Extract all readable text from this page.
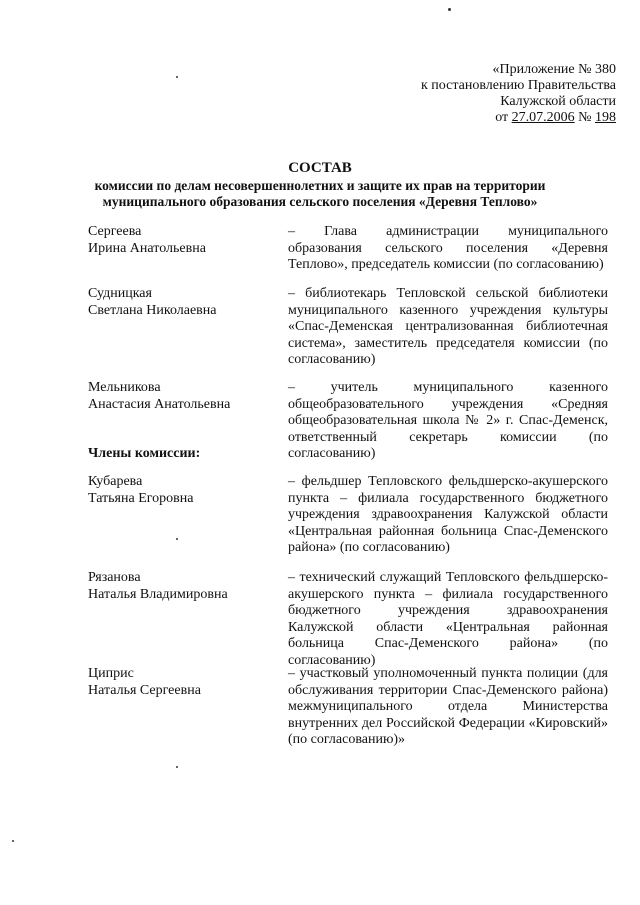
«Приложение № 380
к постановлению Правительства
Калужской области
от 27.07.2006 № 198
СОСТАВ
комиссии по делам несовершеннолетних и защите их прав на территории муниципального образования сельского поселения «Деревня Теплово»
Сергеева
Ирина Анатольевна
– Глава администрации муниципального образования сельского поселения «Деревня Теплово», председатель комиссии (по согласованию)
Судницкая
Светлана Николаевна
– библиотекарь Тепловской сельской библиотеки муниципального казенного учреждения культуры «Спас-Деменская централизованная библиотечная система», заместитель председателя комиссии (по согласованию)
Мельникова
Анастасия Анатольевна
– учитель муниципального казенного общеобразовательного учреждения «Средняя общеобразовательная школа № 2» г. Спас-Деменск, ответственный секретарь комиссии (по согласованию)
Члены комиссии:
Кубарева
Татьяна Егоровна
– фельдшер Тепловского фельдшерско-акушерского пункта – филиала государственного бюджетного учреждения здравоохранения Калужской области «Центральная районная больница Спас-Деменского района» (по согласованию)
Рязанова
Наталья Владимировна
– технический служащий Тепловского фельдшерско-акушерского пункта – филиала государственного бюджетного учреждения здравоохранения Калужской области «Центральная районная больница Спас-Деменского района» (по согласованию)
Циприс
Наталья Сергеевна
– участковый уполномоченный пункта полиции (для обслуживания территории Спас-Деменского района) межмуниципального отдела Министерства внутренних дел Российской Федерации «Кировский» (по согласованию)»
